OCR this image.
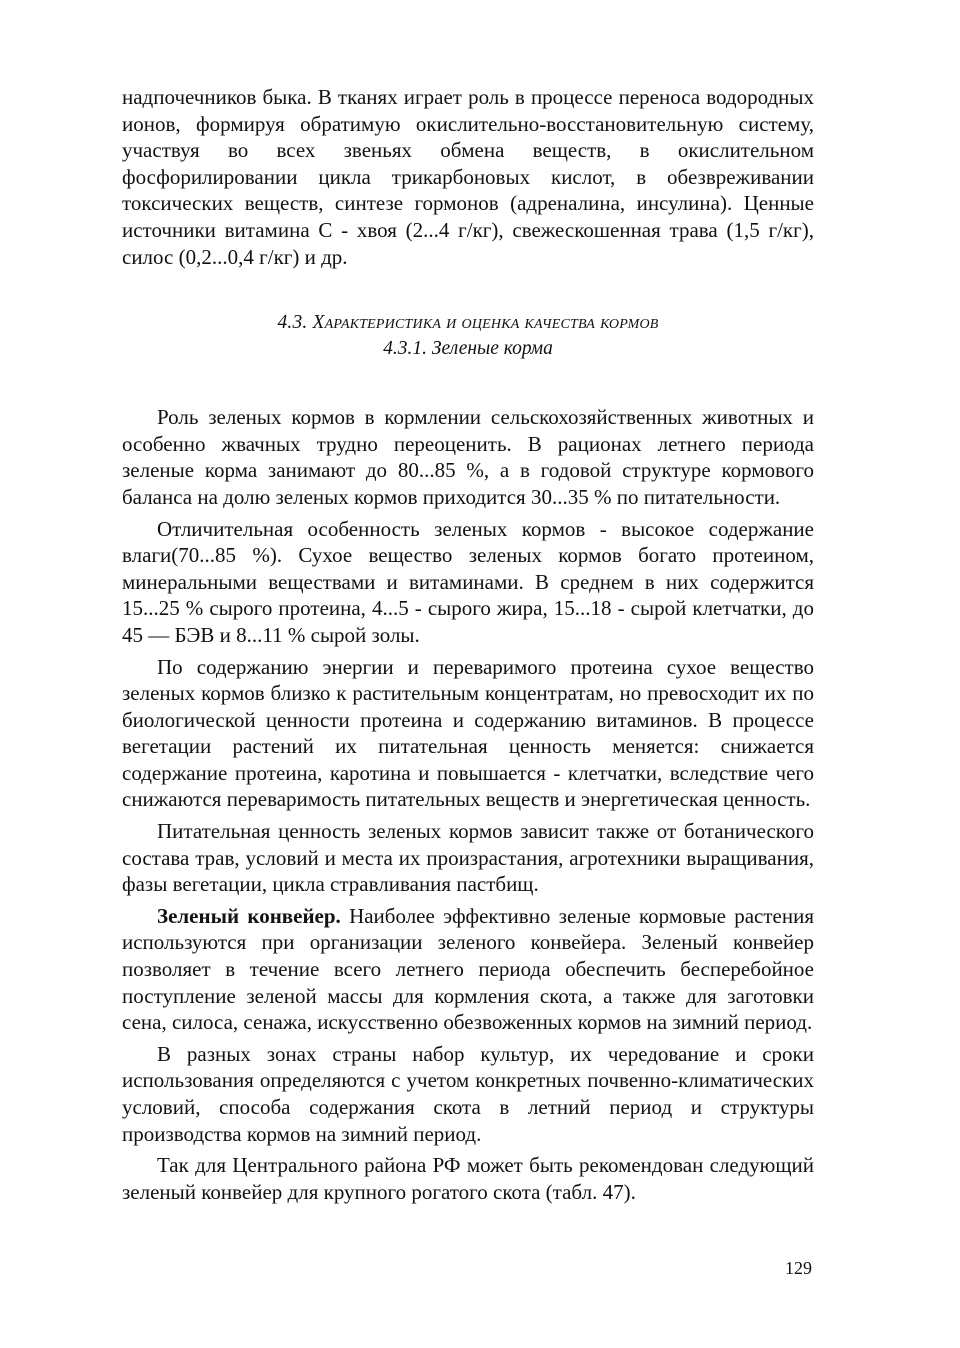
надпочечников быка. В тканях играет роль в процессе переноса водородных ионов, формируя обратимую окислительно-восстановительную систему, участвуя во всех звеньях обмена веществ, в окислительном фосфорилировании цикла трикарбоновых кислот, в обезвреживании токсических веществ, синтезе гормонов (адреналина, инсулина). Ценные источники витамина С - хвоя (2...4 г/кг), свежескошенная трава (1,5 г/кг), силос (0,2...0,4 г/кг) и др.

4.3. Характеристика и оценка качества кормов

4.3.1. Зеленые корма

Роль зеленых кормов в кормлении сельскохозяйственных животных и особенно жвачных трудно переоценить. В рационах летнего периода зеленые корма занимают до 80...85 %, а в годовой структуре кормового баланса на долю зеленых кормов приходится 30...35 % по питательности.

Отличительная особенность зеленых кормов - высокое содержание влаги(70...85 %). Сухое вещество зеленых кормов богато протеином, минеральными веществами и витаминами. В среднем в них содержится 15...25 % сырого протеина, 4...5 - сырого жира, 15...18 - сырой клетчатки, до 45 — БЭВ и 8...11 % сырой золы.

По содержанию энергии и переваримого протеина сухое вещество зеленых кормов близко к растительным концентратам, но превосходит их по биологической ценности протеина и содержанию витаминов. В процессе вегетации растений их питательная ценность меняется: снижается содержание протеина, каротина и повышается - клетчатки, вследствие чего снижаются переваримость питательных веществ и энергетическая ценность.

Питательная ценность зеленых кормов зависит также от ботанического состава трав, условий и места их произрастания, агротехники выращивания, фазы вегетации, цикла стравливания пастбищ.

Зеленый конвейер. Наиболее эффективно зеленые кормовые растения используются при организации зеленого конвейера. Зеленый конвейер позволяет в течение всего летнего периода обеспечить бесперебойное поступление зеленой массы для кормления скота, а также для заготовки сена, силоса, сенажа, искусственно обезвоженных кормов на зимний период.

В разных зонах страны набор культур, их чередование и сроки использования определяются с учетом конкретных почвенно-климатических условий, способа содержания скота в летний период и структуры производства кормов на зимний период.

Так для Центрального района РФ может быть рекомендован следующий зеленый конвейер для крупного рогатого скота (табл. 47).

129
